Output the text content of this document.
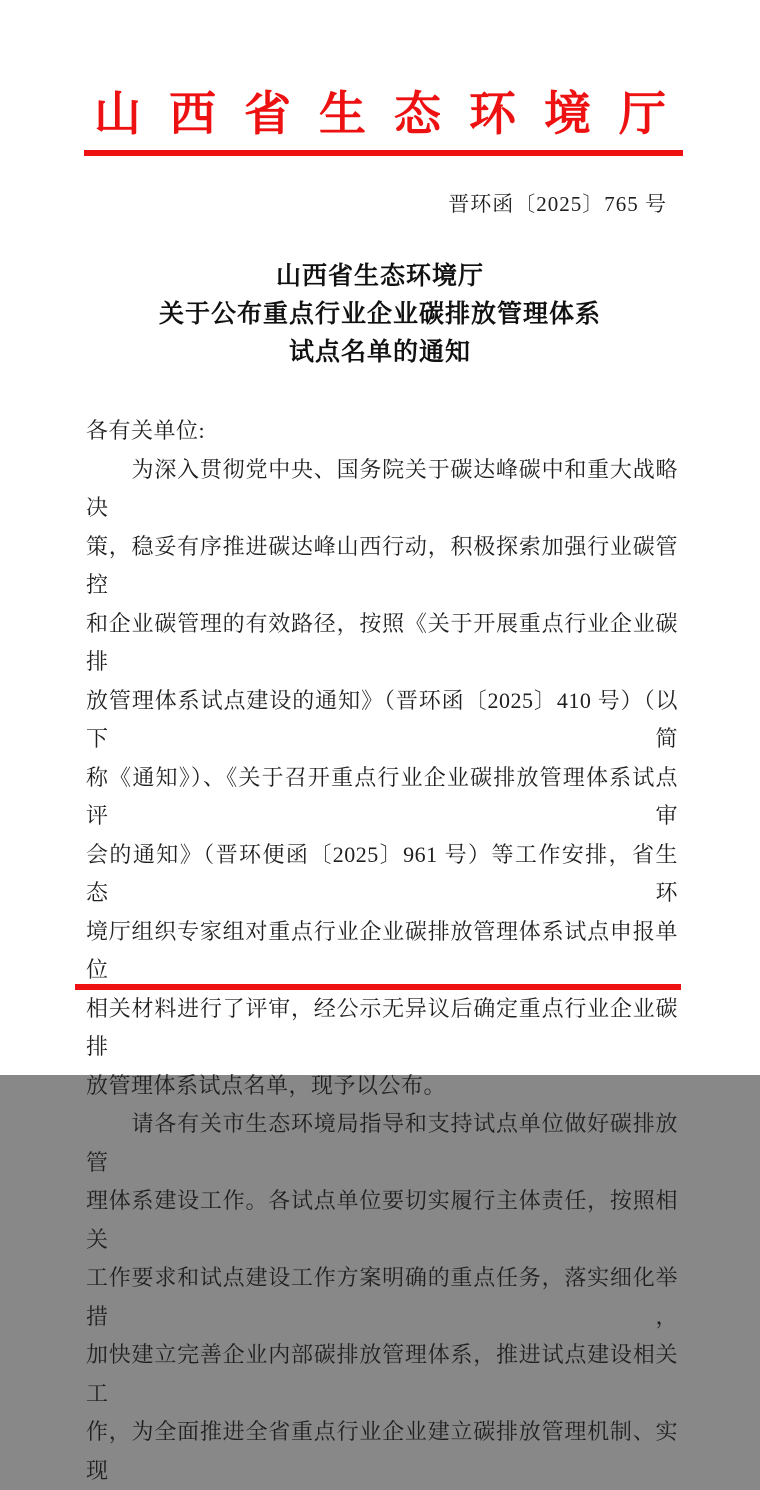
山西省生态环境厅
晋环函〔2025〕765 号
山西省生态环境厅
关于公布重点行业企业碳排放管理体系
试点名单的通知
各有关单位:
　　为深入贯彻党中央、国务院关于碳达峰碳中和重大战略决
策，稳妥有序推进碳达峰山西行动，积极探索加强行业碳管控
和企业碳管理的有效路径，按照《关于开展重点行业企业碳排
放管理体系试点建设的通知》（晋环函〔2025〕410 号）（以下简
称《通知》）、《关于召开重点行业企业碳排放管理体系试点评审
会的通知》（晋环便函〔2025〕961 号）等工作安排，省生态环
境厅组织专家组对重点行业企业碳排放管理体系试点申报单位
相关材料进行了评审，经公示无异议后确定重点行业企业碳排
放管理体系试点名单，现予以公布。
　　请各有关市生态环境局指导和支持试点单位做好碳排放管
理体系建设工作。各试点单位要切实履行主体责任，按照相关
工作要求和试点建设工作方案明确的重点任务，落实细化举措，
加快建立完善企业内部碳排放管理体系，推进试点建设相关工
作，为全面推进全省重点行业企业建立碳排放管理机制、实现
